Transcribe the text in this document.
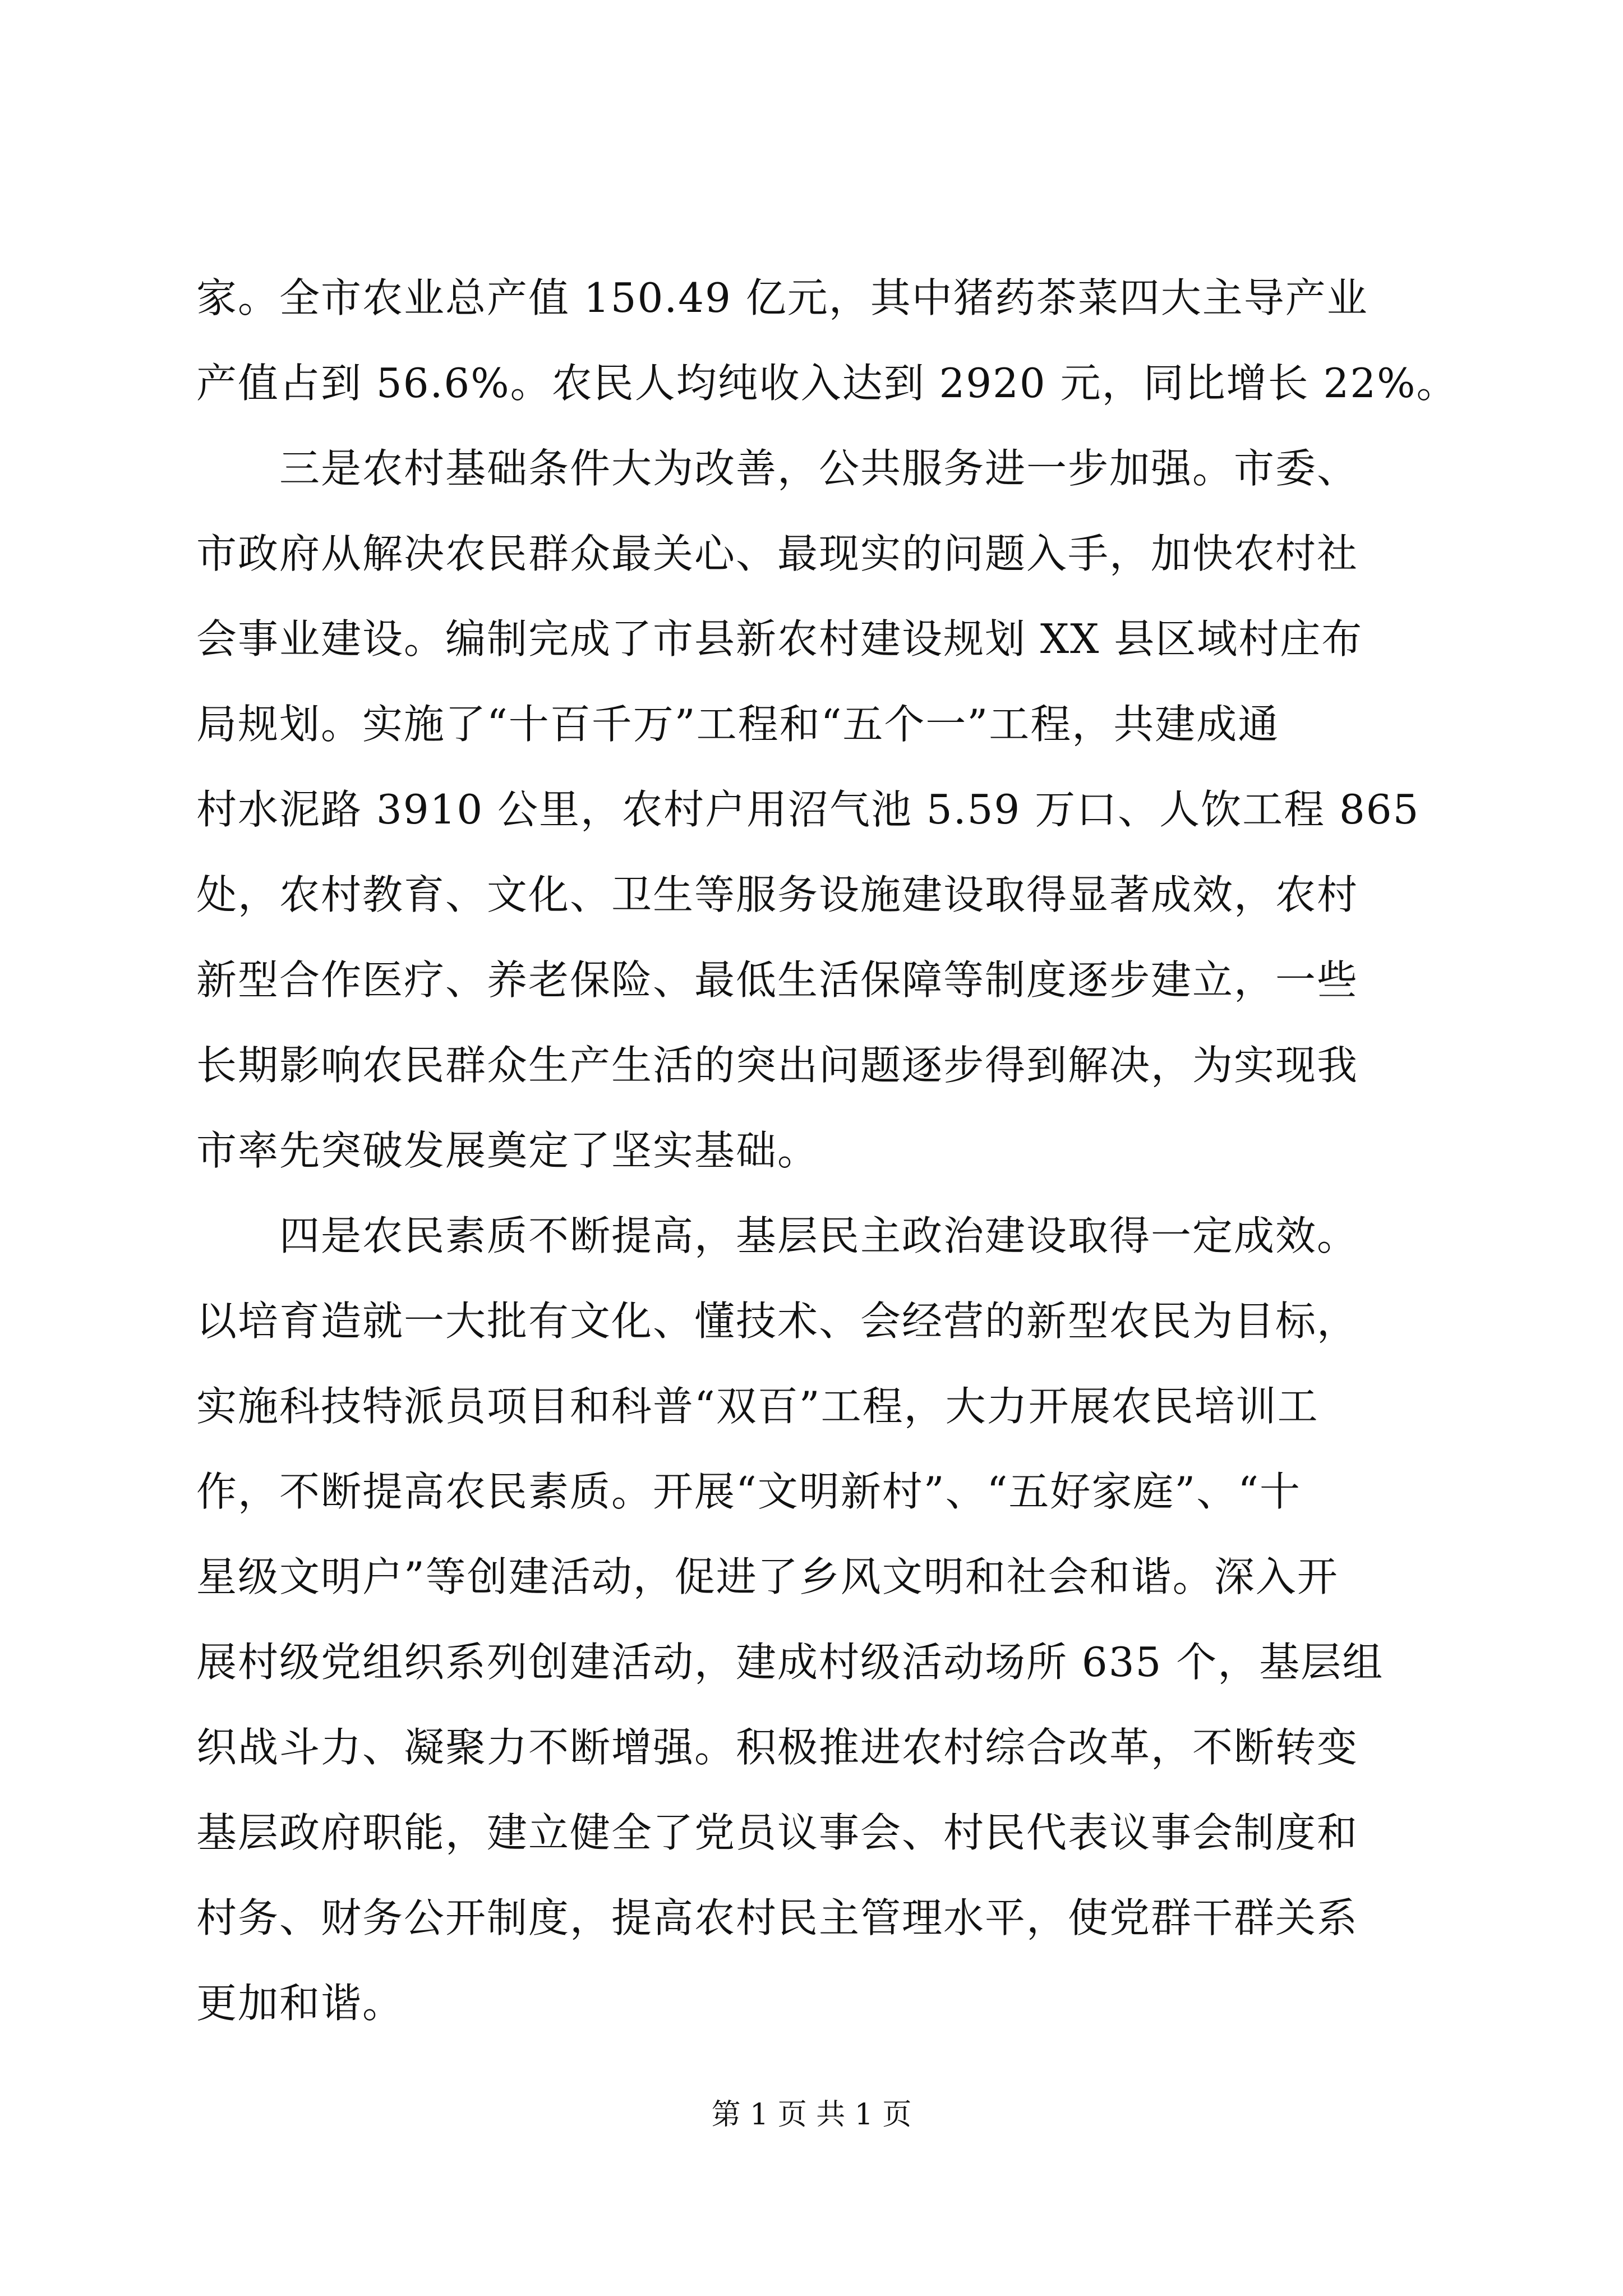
家。全市农业总产值 150.49 亿元，其中猪药茶菜四大主导产业
产值占到 56.6%。农民人均纯收入达到 2920 元，同比增长 22%。
　　三是农村基础条件大为改善，公共服务进一步加强。市委、
市政府从解决农民群众最关心、最现实的问题入手，加快农村社
会事业建设。编制完成了市县新农村建设规划 XX 县区域村庄布
局规划。实施了“十百千万”工程和“五个一”工程，共建成通
村水泥路 3910 公里，农村户用沼气池 5.59 万口、人饮工程 865
处，农村教育、文化、卫生等服务设施建设取得显著成效，农村
新型合作医疗、养老保险、最低生活保障等制度逐步建立，一些
长期影响农民群众生产生活的突出问题逐步得到解决，为实现我
市率先突破发展奠定了坚实基础。
　　四是农民素质不断提高，基层民主政治建设取得一定成效。
以培育造就一大批有文化、懂技术、会经营的新型农民为目标，
实施科技特派员项目和科普“双百”工程，大力开展农民培训工
作，不断提高农民素质。开展“文明新村”、“五好家庭”、“十
星级文明户”等创建活动，促进了乡风文明和社会和谐。深入开
展村级党组织系列创建活动，建成村级活动场所 635 个，基层组
织战斗力、凝聚力不断增强。积极推进农村综合改革，不断转变
基层政府职能，建立健全了党员议事会、村民代表议事会制度和
村务、财务公开制度，提高农村民主管理水平，使党群干群关系
更加和谐。
第 1 页 共 1 页
